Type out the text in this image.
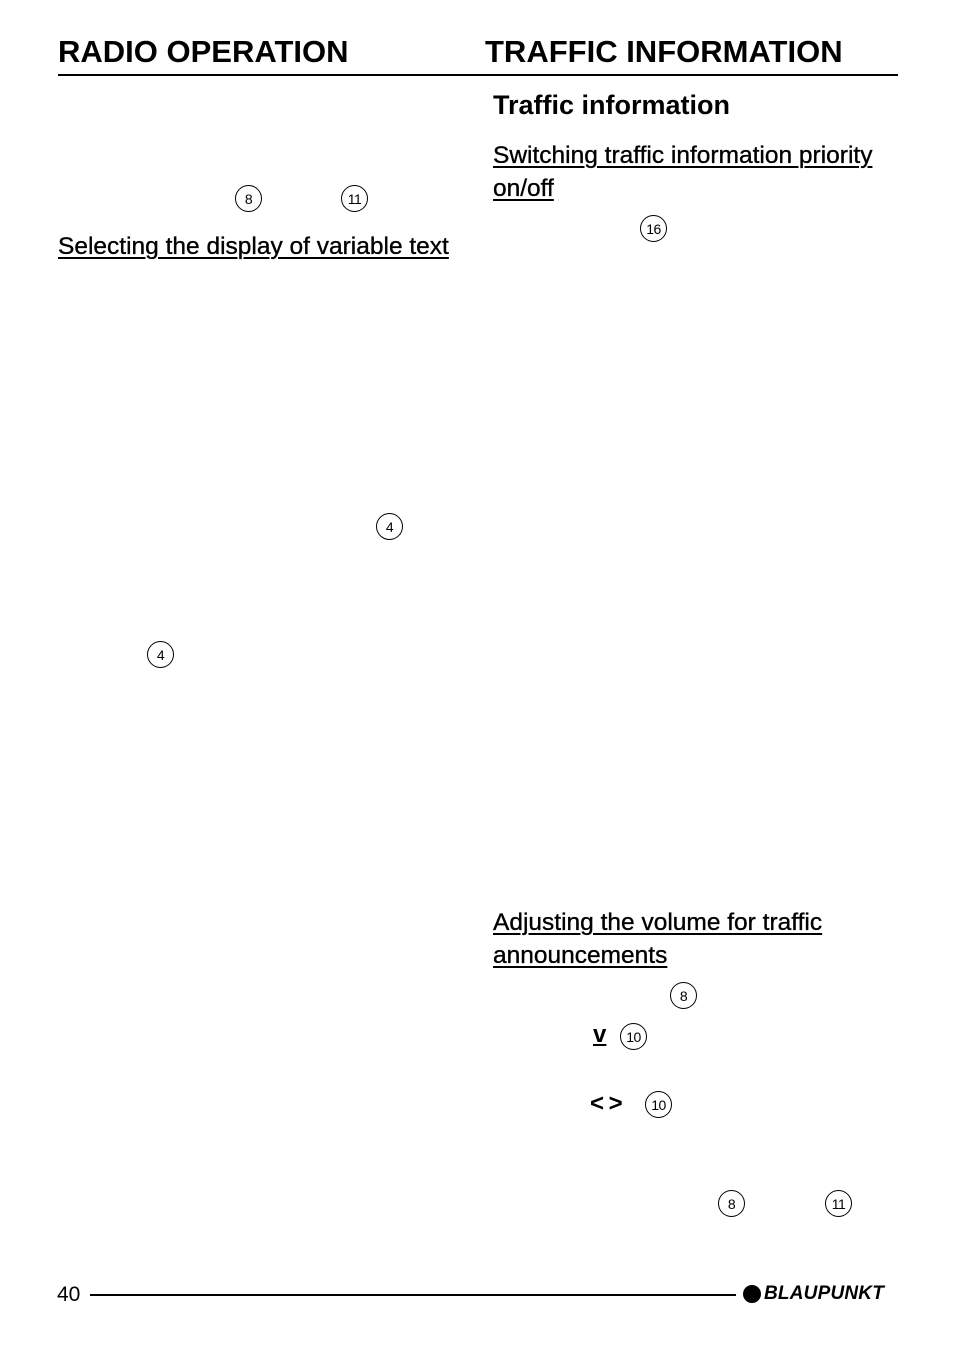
RADIO OPERATION	TRAFFIC INFORMATION
8	11
Selecting the display of variable text
4
4
Traffic information
Switching traffic information priority on/off
16
Adjusting the volume for traffic announcements
8
v	10
< >	10
8	11
40	BLAUPUNKT
